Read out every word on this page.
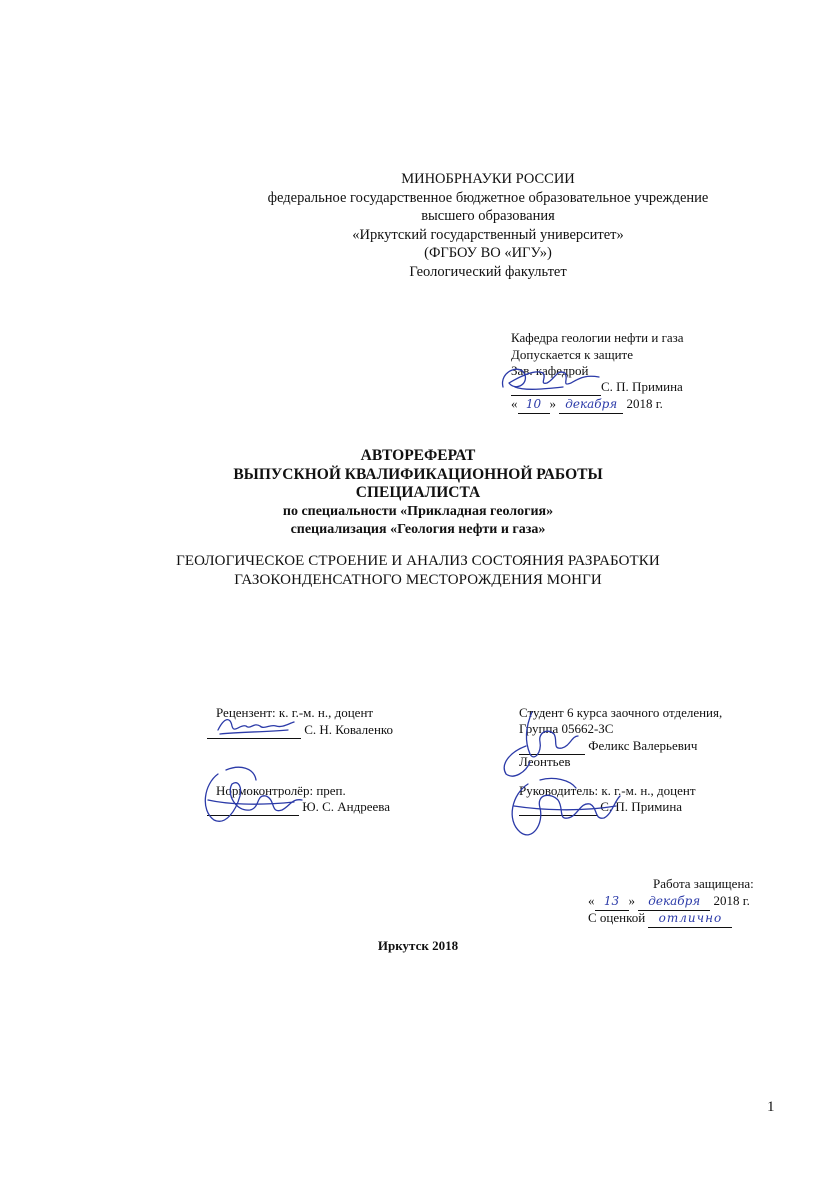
МИНОБРНАУКИ РОССИИ
федеральное государственное бюджетное образовательное учреждение
высшего образования
«Иркутский государственный университет»
(ФГБОУ ВО «ИГУ»)
Геологический факультет
Кафедра геологии нефти и газа
Допускается к защите
Зав. кафедрой
С. П. Примина
« 10 » декабря 2018 г.
АВТОРЕФЕРАТ
ВЫПУСКНОЙ КВАЛИФИКАЦИОННОЙ РАБОТЫ
СПЕЦИАЛИСТА
по специальности «Прикладная геология»
специализация «Геология нефти и газа»
ГЕОЛОГИЧЕСКОЕ СТРОЕНИЕ И АНАЛИЗ СОСТОЯНИЯ РАЗРАБОТКИ
ГАЗОКОНДЕНСАТНОГО МЕСТОРОЖДЕНИЯ МОНГИ
Рецензент: к. г.-м. н., доцент
С. Н. Коваленко
Нормоконтролёр: преп.
Ю. С. Андреева
Студент 6 курса заочного отделения,
Группа 05662-ЗС
Феликс Валерьевич
Леонтьев
Руководитель: к. г.-м. н., доцент
С. П. Примина
Работа защищена:
« 13 » декабря 2018 г.
С оценкой отлично
Иркутск 2018
1
